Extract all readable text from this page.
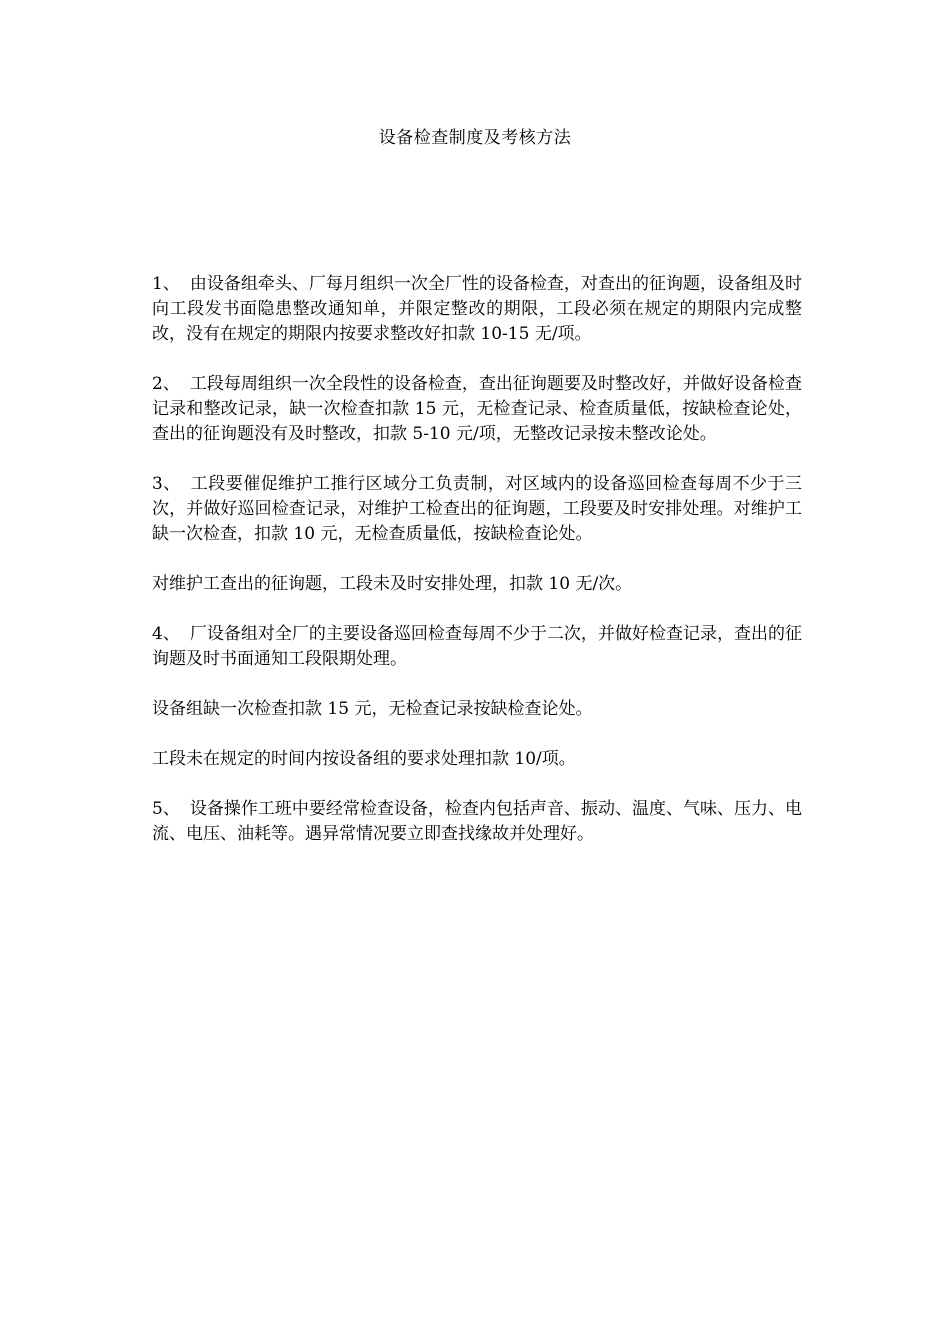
设备检查制度及考核方法

1、 由设备组牵头、厂每月组织一次全厂性的设备检查，对查出的征询题，设备组及时向工段发书面隐患整改通知单，并限定整改的期限，工段必须在规定的期限内完成整改，没有在规定的期限内按要求整改好扣款 10-15 无/项。

2、 工段每周组织一次全段性的设备检查，查出征询题要及时整改好，并做好设备检查记录和整改记录，缺一次检查扣款 15 元，无检查记录、检查质量低，按缺检查论处，查出的征询题没有及时整改，扣款 5-10 元/项，无整改记录按未整改论处。

3、 工段要催促维护工推行区域分工负责制，对区域内的设备巡回检查每周不少于三次，并做好巡回检查记录，对维护工检查出的征询题，工段要及时安排处理。对维护工缺一次检查，扣款 10 元，无检查质量低，按缺检查论处。

对维护工查出的征询题，工段未及时安排处理，扣款 10 无/次。

4、 厂设备组对全厂的主要设备巡回检查每周不少于二次，并做好检查记录，查出的征询题及时书面通知工段限期处理。

设备组缺一次检查扣款 15 元，无检查记录按缺检查论处。

工段未在规定的时间内按设备组的要求处理扣款 10/项。

5、 设备操作工班中要经常检查设备，检查内包括声音、振动、温度、气味、压力、电流、电压、油耗等。遇异常情况要立即查找缘故并处理好。
